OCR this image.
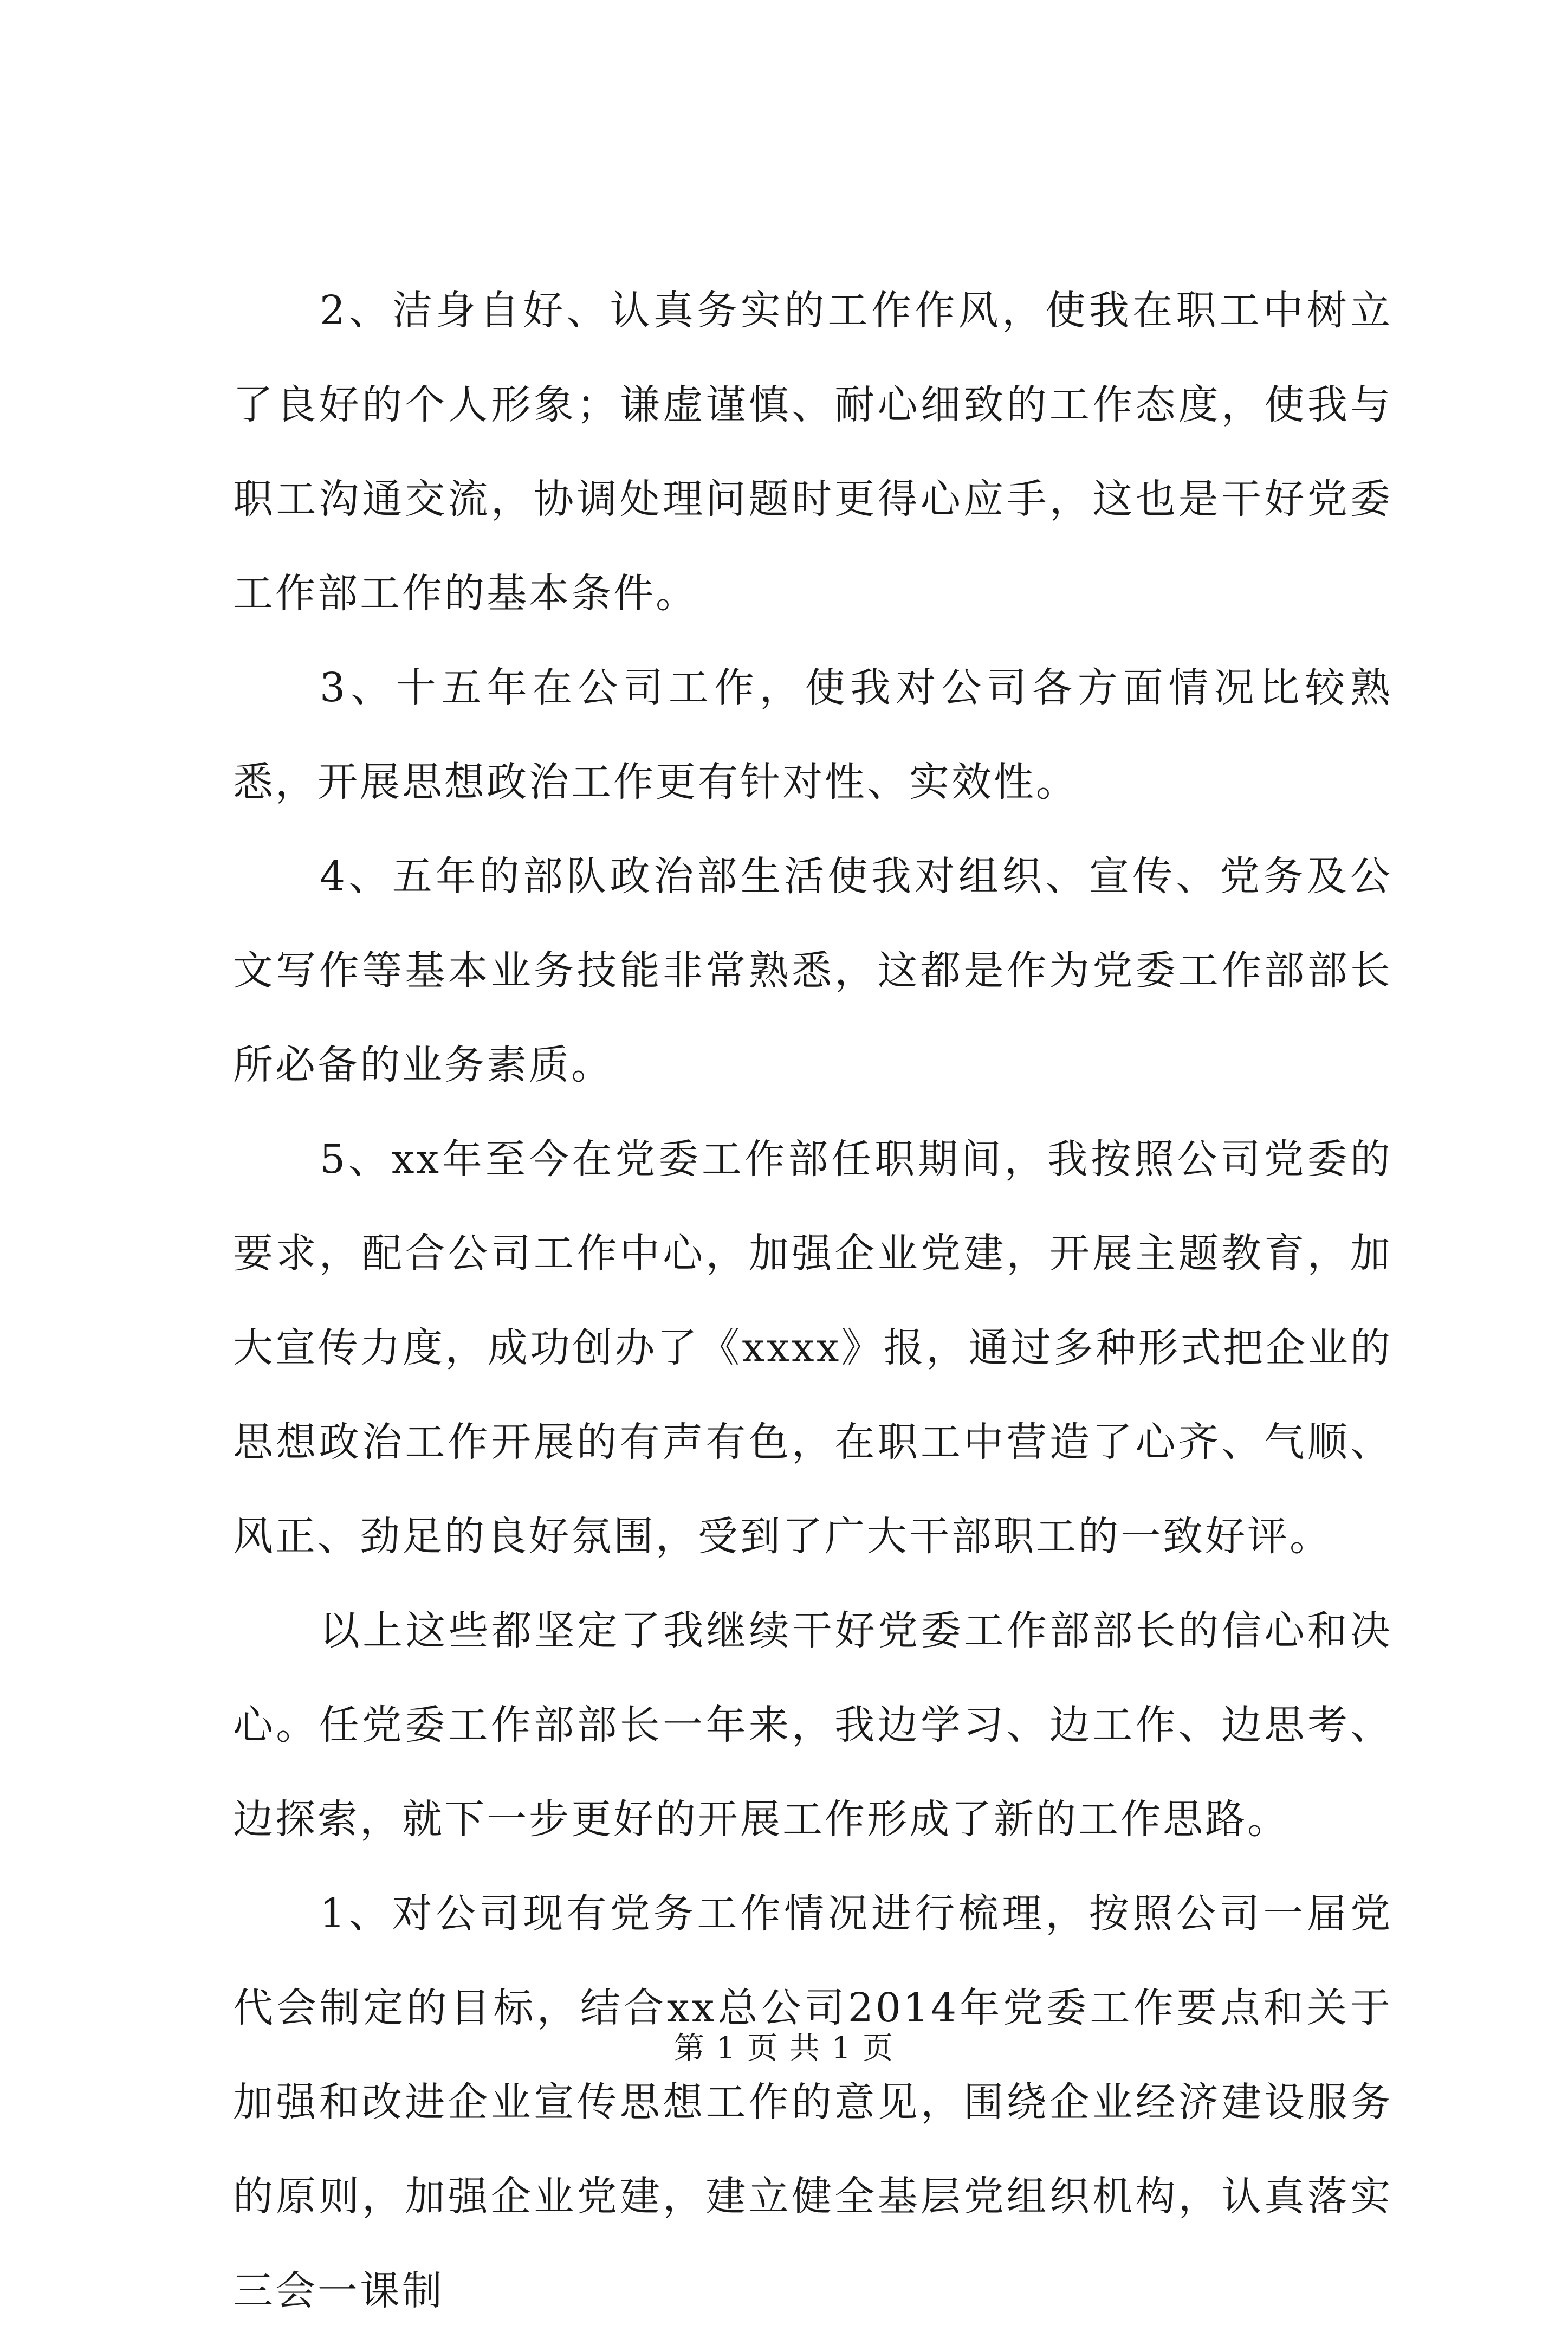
2、洁身自好、认真务实的工作作风，使我在职工中树立了良好的个人形象；谦虚谨慎、耐心细致的工作态度，使我与职工沟通交流，协调处理问题时更得心应手，这也是干好党委工作部工作的基本条件。

3、十五年在公司工作，使我对公司各方面情况比较熟悉，开展思想政治工作更有针对性、实效性。

4、五年的部队政治部生活使我对组织、宣传、党务及公文写作等基本业务技能非常熟悉，这都是作为党委工作部部长所必备的业务素质。

5、xx年至今在党委工作部任职期间，我按照公司党委的要求，配合公司工作中心，加强企业党建，开展主题教育，加大宣传力度，成功创办了《xxxx》报，通过多种形式把企业的思想政治工作开展的有声有色，在职工中营造了心齐、气顺、风正、劲足的良好氛围，受到了广大干部职工的一致好评。

以上这些都坚定了我继续干好党委工作部部长的信心和决心。任党委工作部部长一年来，我边学习、边工作、边思考、边探索，就下一步更好的开展工作形成了新的工作思路。

1、对公司现有党务工作情况进行梳理，按照公司一届党代会制定的目标，结合xx总公司2014年党委工作要点和关于加强和改进企业宣传思想工作的意见，围绕企业经济建设服务的原则，加强企业党建，建立健全基层党组织机构，认真落实三会一课制

第 1 页 共 1 页
